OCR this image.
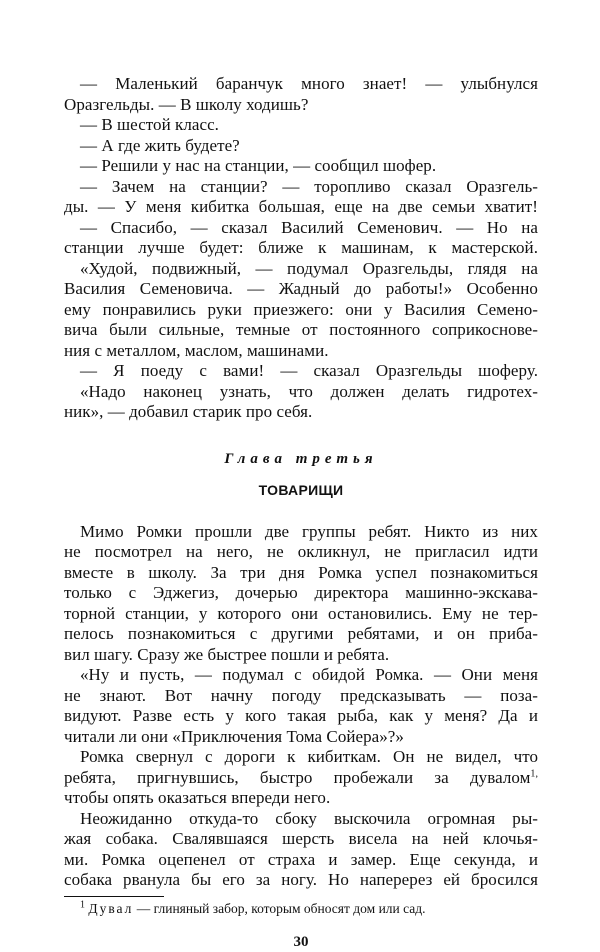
— Маленький баранчук много знает! — улыбнулся
Оразгельды. — В школу ходишь?
— В шестой класс.
— А где жить будете?
— Решили у нас на станции, — сообщил шофер.
— Зачем на станции? — торопливо сказал Оразгель-
ды. — У меня кибитка большая, еще на две семьи хватит!
— Спасибо, — сказал Василий Семенович. — Но на
станции лучше будет: ближе к машинам, к мастерской.
«Худой, подвижный, — подумал Оразгельды, глядя на
Василия Семеновича. — Жадный до работы!» Особенно
ему понравились руки приезжего: они у Василия Семено-
вича были сильные, темные от постоянного соприкоснове-
ния с металлом, маслом, машинами.
— Я поеду с вами! — сказал Оразгельды шоферу.
«Надо наконец узнать, что должен делать гидротех-
ник», — добавил старик про себя.
Глава третья
ТОВАРИЩИ
Мимо Ромки прошли две группы ребят. Никто из них
не посмотрел на него, не окликнул, не пригласил идти
вместе в школу. За три дня Ромка успел познакомиться
только с Эджегиз, дочерью директора машинно-экскава-
торной станции, у которого они остановились. Ему не тер-
пелось познакомиться с другими ребятами, и он прибa-
вил шагу. Сразу же быстрее пошли и ребята.
«Ну и пусть, — подумал с обидой Ромка. — Они меня
не знают. Вот начну погоду предсказывать — поза-
видуют. Разве есть у кого такая рыба, как у меня? Да и
читали ли они «Приключения Тома Сойера»?»
Ромка свернул с дороги к кибиткам. Он не видел, что
ребята, пригнувшись, быстро пробежали за дувалом$^{1,}$
чтобы опять оказаться впереди него.
Неожиданно откуда-то сбоку выскочила огромная ры-
жая собака. Свалявшаяся шерсть висела на ней клочья-
ми. Ромка оцепенел от страха и замер. Еще секунда, и
собака рванула бы его за ногу. Но наперерез ей бросился
$^1$ Дувал — глиняный забор, которым обносят дом или сад.
30
